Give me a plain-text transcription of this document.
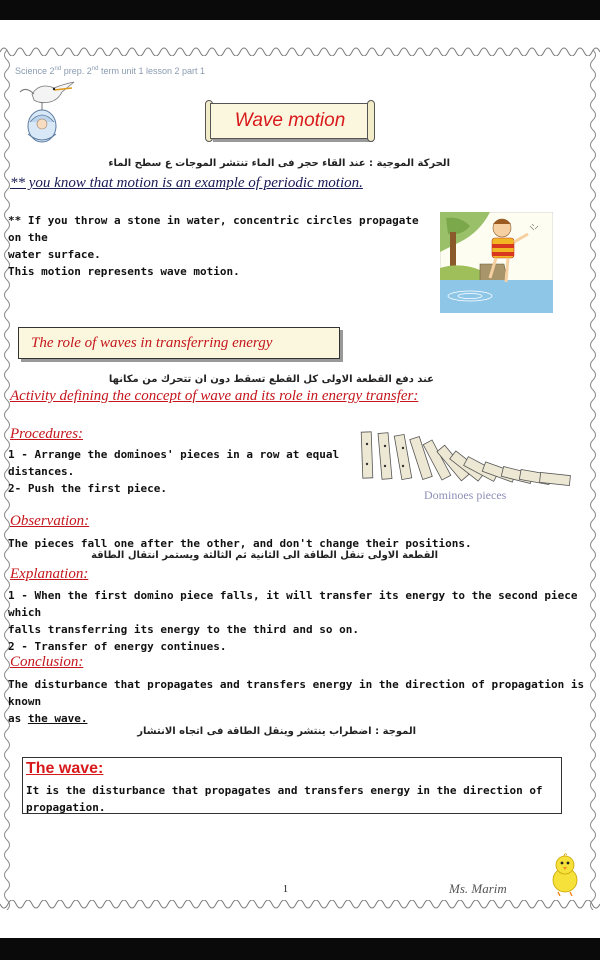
Science 2nd prep. 2nd term unit 1 lesson 2 part 1
Wave motion
الحركة الموجية : عند القاء حجر فى الماء تنتشر الموجات ع سطح الماء
** you know that motion is an example of periodic motion.
** If you throw a stone in water, concentric circles propagate on the
water surface.
This motion represents wave motion.
The role of waves in transferring energy
عند دفع القطعة الاولى كل القطع تسقط دون ان تتحرك من مكانها
Activity defining the concept of wave and its role in energy transfer:
Procedures:
1 - Arrange the dominoes' pieces in a row at equal
distances.
2- Push the first piece.	Dominoes pieces
Observation:
The pieces fall one after the other, and don't change their positions.
القطعة الاولى تنقل الطاقة الى الثانية ثم الثالثة ويستمر انتقال الطاقة
Explanation:
1 - When the first domino piece falls, it will transfer its energy to the second piece which
falls transferring its energy to the third and so on.
2 - Transfer of energy continues.
Conclusion:
The disturbance that propagates and transfers energy in the direction of propagation is known
as the wave.
الموجة : اضطراب ينتشر وينقل الطاقة فى اتجاه الانتشار
The wave:
It is the disturbance that propagates and transfers energy in the direction of
propagation.
1	Ms. Marim
